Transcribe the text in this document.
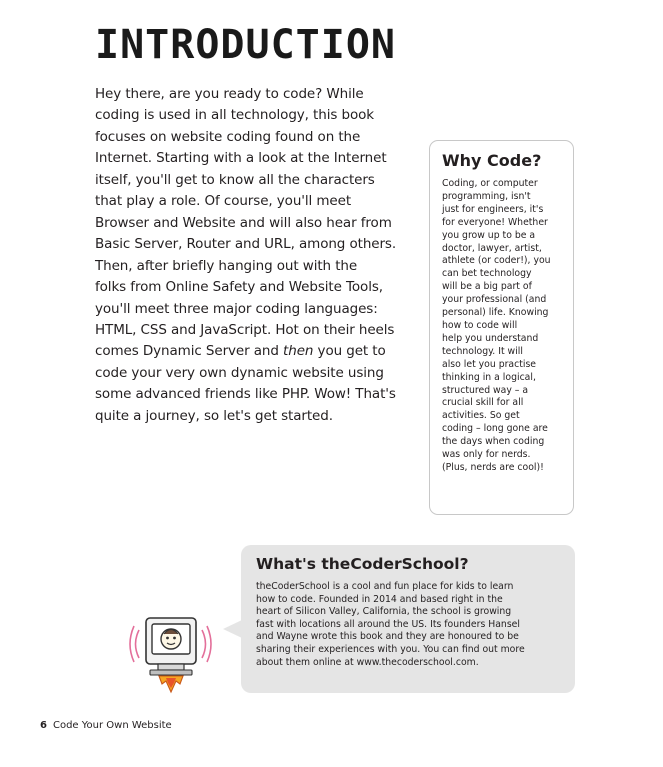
INTRODUCTION
Hey there, are you ready to code? While
coding is used in all technology, this book
focuses on website coding found on the
Internet. Starting with a look at the Internet
itself, you'll get to know all the characters
that play a role. Of course, you'll meet
Browser and Website and will also hear from
Basic Server, Router and URL, among others.
Then, after briefly hanging out with the
folks from Online Safety and Website Tools,
you'll meet three major coding languages:
HTML, CSS and JavaScript. Hot on their heels
comes Dynamic Server and then you get to
code your very own dynamic website using
some advanced friends like PHP. Wow! That's
quite a journey, so let's get started.
Why Code?
Coding, or computer
programming, isn't
just for engineers, it's
for everyone! Whether
you grow up to be a
doctor, lawyer, artist,
athlete (or coder!), you
can bet technology
will be a big part of
your professional (and
personal) life. Knowing
how to code will
help you understand
technology. It will
also let you practise
thinking in a logical,
structured way – a
crucial skill for all
activities. So get
coding – long gone are
the days when coding
was only for nerds.
(Plus, nerds are cool)!
What's theCoderSchool?
theCoderSchool is a cool and fun place for kids to learn
how to code. Founded in 2014 and based right in the
heart of Silicon Valley, California, the school is growing
fast with locations all around the US. Its founders Hansel
and Wayne wrote this book and they are honoured to be
sharing their experiences with you. You can find out more
about them online at www.thecoderschool.com.
6 Code Your Own Website
